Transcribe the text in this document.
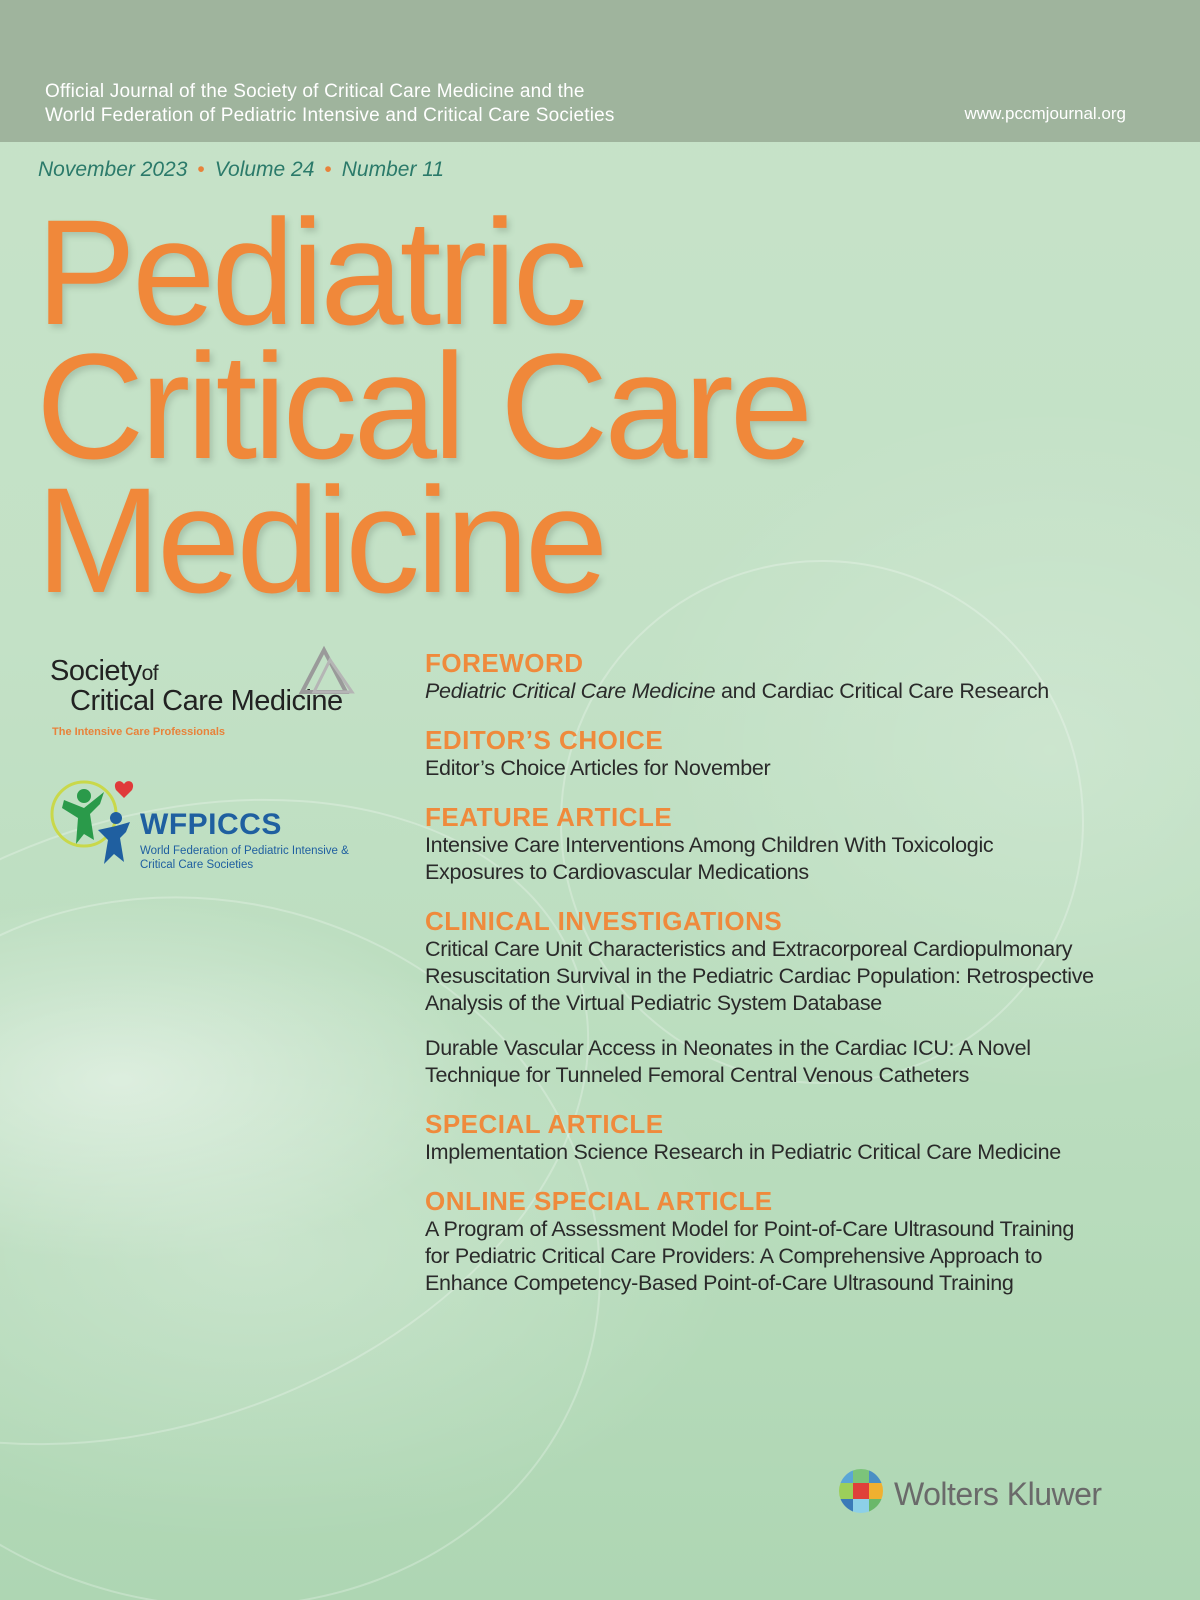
Official Journal of the Society of Critical Care Medicine and the
World Federation of Pediatric Intensive and Critical Care Societies	www.pccmjournal.org
November 2023 • Volume 24 • Number 11
Pediatric
Critical Care
Medicine
Societyof
Critical Care Medicine
The Intensive Care Professionals
WFPICCS
World Federation of Pediatric Intensive &
Critical Care Societies
FOREWORD
Pediatric Critical Care Medicine and Cardiac Critical Care Research
EDITOR’S CHOICE
Editor’s Choice Articles for November
FEATURE ARTICLE
Intensive Care Interventions Among Children With Toxicologic
Exposures to Cardiovascular Medications
CLINICAL INVESTIGATIONS
Critical Care Unit Characteristics and Extracorporeal Cardiopulmonary
Resuscitation Survival in the Pediatric Cardiac Population: Retrospective
Analysis of the Virtual Pediatric System Database
Durable Vascular Access in Neonates in the Cardiac ICU: A Novel
Technique for Tunneled Femoral Central Venous Catheters
SPECIAL ARTICLE
Implementation Science Research in Pediatric Critical Care Medicine
ONLINE SPECIAL ARTICLE
A Program of Assessment Model for Point-of-Care Ultrasound Training
for Pediatric Critical Care Providers: A Comprehensive Approach to
Enhance Competency-Based Point-of-Care Ultrasound Training
Wolters Kluwer
